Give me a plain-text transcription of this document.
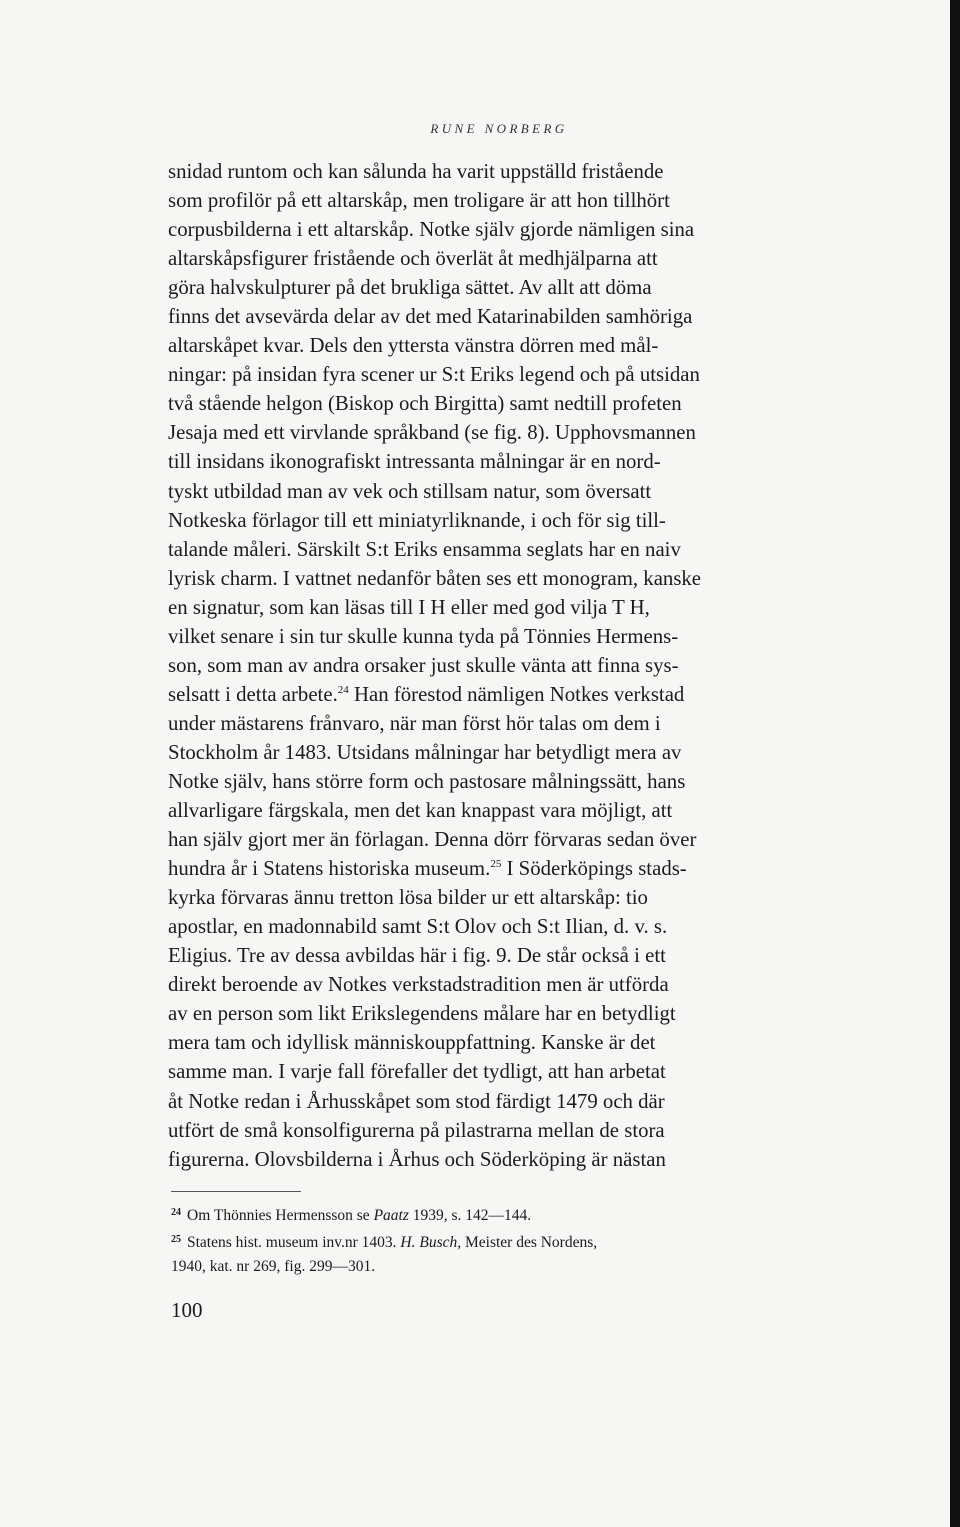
RUNE NORBERG
snidad runtom och kan sålunda ha varit uppställd fristående
som profilör på ett altarskåp, men troligare är att hon tillhört
corpusbilderna i ett altarskåp. Notke själv gjorde nämligen sina
altarskåpsfigurer fristående och överlät åt medhjälparna att
göra halvskulpturer på det brukliga sättet. Av allt att döma
finns det avsevärda delar av det med Katarinabilden samhöriga
altarskåpet kvar. Dels den yttersta vänstra dörren med mål-
ningar: på insidan fyra scener ur S:t Eriks legend och på utsidan
två stående helgon (Biskop och Birgitta) samt nedtill profeten
Jesaja med ett virvlande språkband (se fig. 8). Upphovsmannen
till insidans ikonografiskt intressanta målningar är en nord-
tyskt utbildad man av vek och stillsam natur, som översatt
Notkeska förlagor till ett miniatyrliknande, i och för sig till-
talande måleri. Särskilt S:t Eriks ensamma seglats har en naiv
lyrisk charm. I vattnet nedanför båten ses ett monogram, kanske
en signatur, som kan läsas till I H eller med god vilja T H,
vilket senare i sin tur skulle kunna tyda på Tönnies Hermens-
son, som man av andra orsaker just skulle vänta att finna sys-
selsatt i detta arbete.$^{24}$ Han förestod nämligen Notkes verkstad
under mästarens frånvaro, när man först hör talas om dem i
Stockholm år 1483. Utsidans målningar har betydligt mera av
Notke själv, hans större form och pastosare målningssätt, hans
allvarligare färgskala, men det kan knappast vara möjligt, att
han själv gjort mer än förlagan. Denna dörr förvaras sedan över
hundra år i Statens historiska museum.$^{25}$ I Söderköpings stads-
kyrka förvaras ännu tretton lösa bilder ur ett altarskåp: tio
apostlar, en madonnabild samt S:t Olov och S:t Ilian, d. v. s.
Eligius. Tre av dessa avbildas här i fig. 9. De står också i ett
direkt beroende av Notkes verkstadstradition men är utförda
av en person som likt Erikslegendens målare har en betydligt
mera tam och idyllisk människouppfattning. Kanske är det
samme man. I varje fall förefaller det tydligt, att han arbetat
åt Notke redan i Århusskåpet som stod färdigt 1479 och där
utfört de små konsolfigurerna på pilastrarna mellan de stora
figurerna. Olovsbilderna i Århus och Söderköping är nästan
$^{24}$ Om Thönnies Hermensson se Paatz 1939, s. 142—144.
$^{25}$ Statens hist. museum inv.nr 1403. H. Busch, Meister des Nordens,
1940, kat. nr 269, fig. 299—301.
100
